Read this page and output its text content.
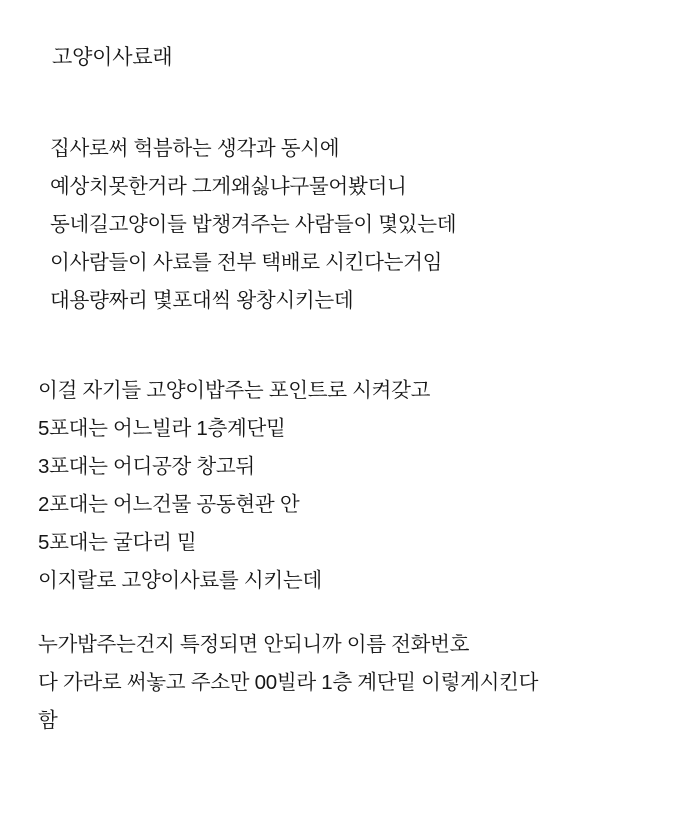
고양이사료래
집사로써 헉븜하는 생각과 동시에
예상치못한거라 그게왜싫냐구물어봤더니
동네길고양이들 밥챙겨주는 사람들이 몇있는데
이사람들이 사료를 전부 택배로 시킨다는거임
대용량짜리 몇포대씩 왕창시키는데
이걸 자기들 고양이밥주는 포인트로 시켜갖고
5포대는 어느빌라 1층계단밑
3포대는 어디공장 창고뒤
2포대는 어느건물 공동현관 안
5포대는 굴다리 밑
이지랄로 고양이사료를 시키는데
누가밥주는건지 특정되면 안되니까 이름 전화번호
다 가라로 써놓고 주소만 00빌라 1층 계단밑 이렇게시킨다
함
